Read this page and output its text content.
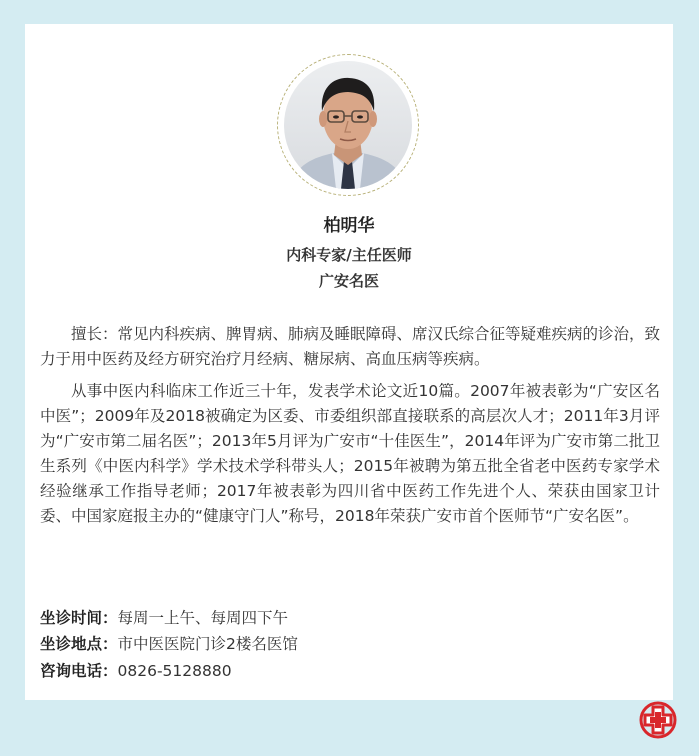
柏明华
内科专家/主任医师
广安名医

擅长：常见内科疾病、脾胃病、肺病及睡眠障碍、席汉氏综合征等疑难疾病的诊治，致力于用中医药及经方研究治疗月经病、糖尿病、高血压病等疾病。

从事中医内科临床工作近三十年，发表学术论文近10篇。2007年被表彰为“广安区名中医”；2009年及2018被确定为区委、市委组织部直接联系的高层次人才；2011年3月评为“广安市第二届名医”；2013年5月评为广安市“十佳医生”，2014年评为广安市第二批卫生系列《中医内科学》学术技术学科带头人；2015年被聘为第五批全省老中医药专家学术经验继承工作指导老师；2017年被表彰为四川省中医药工作先进个人、荣获由国家卫计委、中国家庭报主办的“健康守门人”称号，2018年荣获广安市首个医师节“广安名医”。

坐诊时间：每周一上午、每周四下午
坐诊地点：市中医医院门诊2楼名医馆
咨询电话：0826-5128880
